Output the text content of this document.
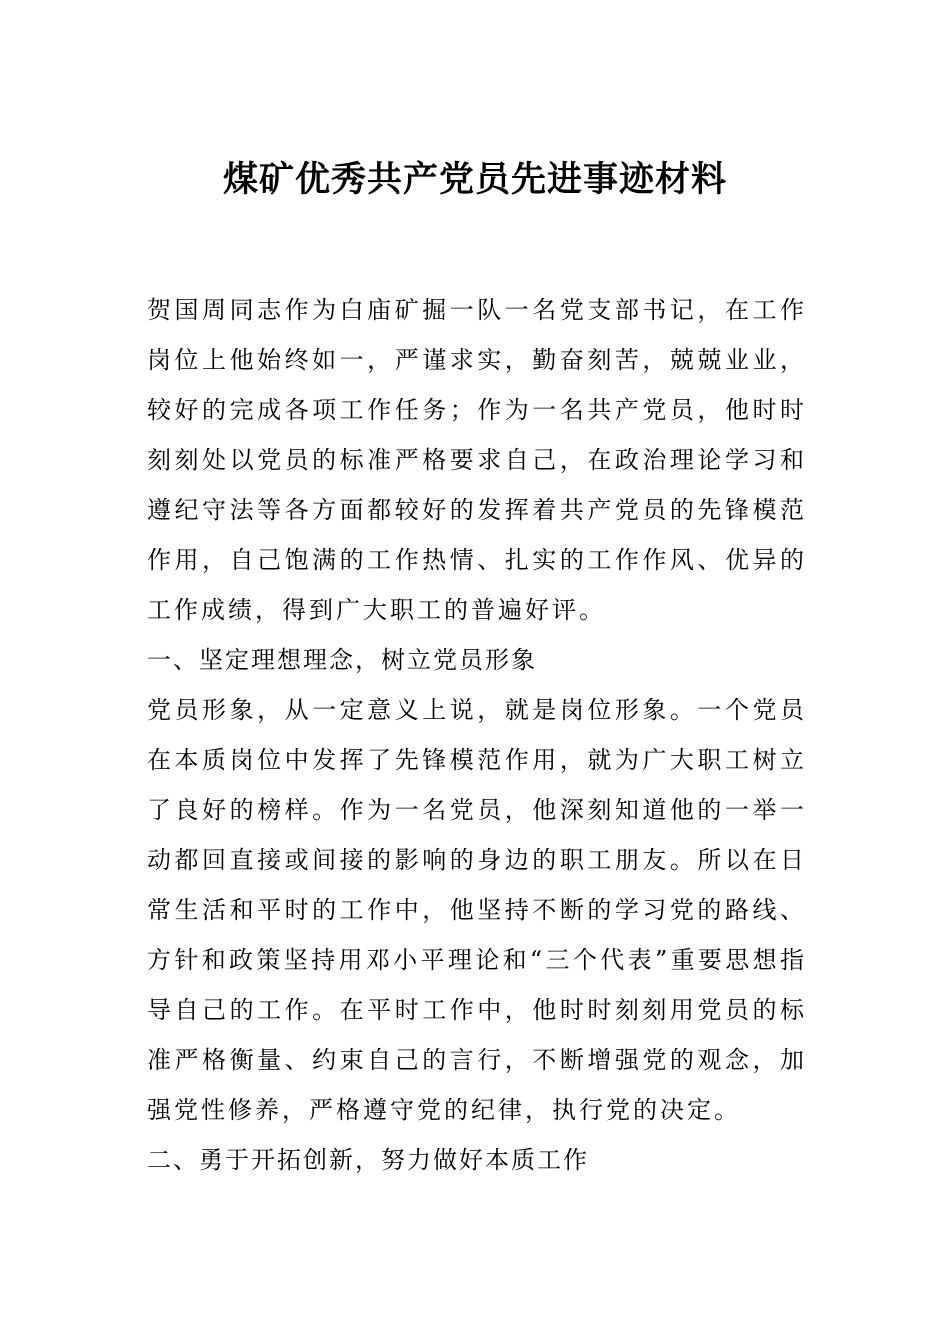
煤矿优秀共产党员先进事迹材料

贺国周同志作为白庙矿掘一队一名党支部书记，在工作岗位上他始终如一，严谨求实，勤奋刻苦，兢兢业业，较好的完成各项工作任务；作为一名共产党员，他时时刻刻处以党员的标准严格要求自己，在政治理论学习和遵纪守法等各方面都较好的发挥着共产党员的先锋模范作用，自己饱满的工作热情、扎实的工作作风、优异的工作成绩，得到广大职工的普遍好评。

一、坚定理想理念，树立党员形象

党员形象，从一定意义上说，就是岗位形象。一个党员在本质岗位中发挥了先锋模范作用，就为广大职工树立了良好的榜样。作为一名党员，他深刻知道他的一举一动都回直接或间接的影响的身边的职工朋友。所以在日常生活和平时的工作中，他坚持不断的学习党的路线、方针和政策坚持用邓小平理论和“三个代表”重要思想指导自己的工作。在平时工作中，他时时刻刻用党员的标准严格衡量、约束自己的言行，不断增强党的观念，加强党性修养，严格遵守党的纪律，执行党的决定。

二、勇于开拓创新，努力做好本质工作
